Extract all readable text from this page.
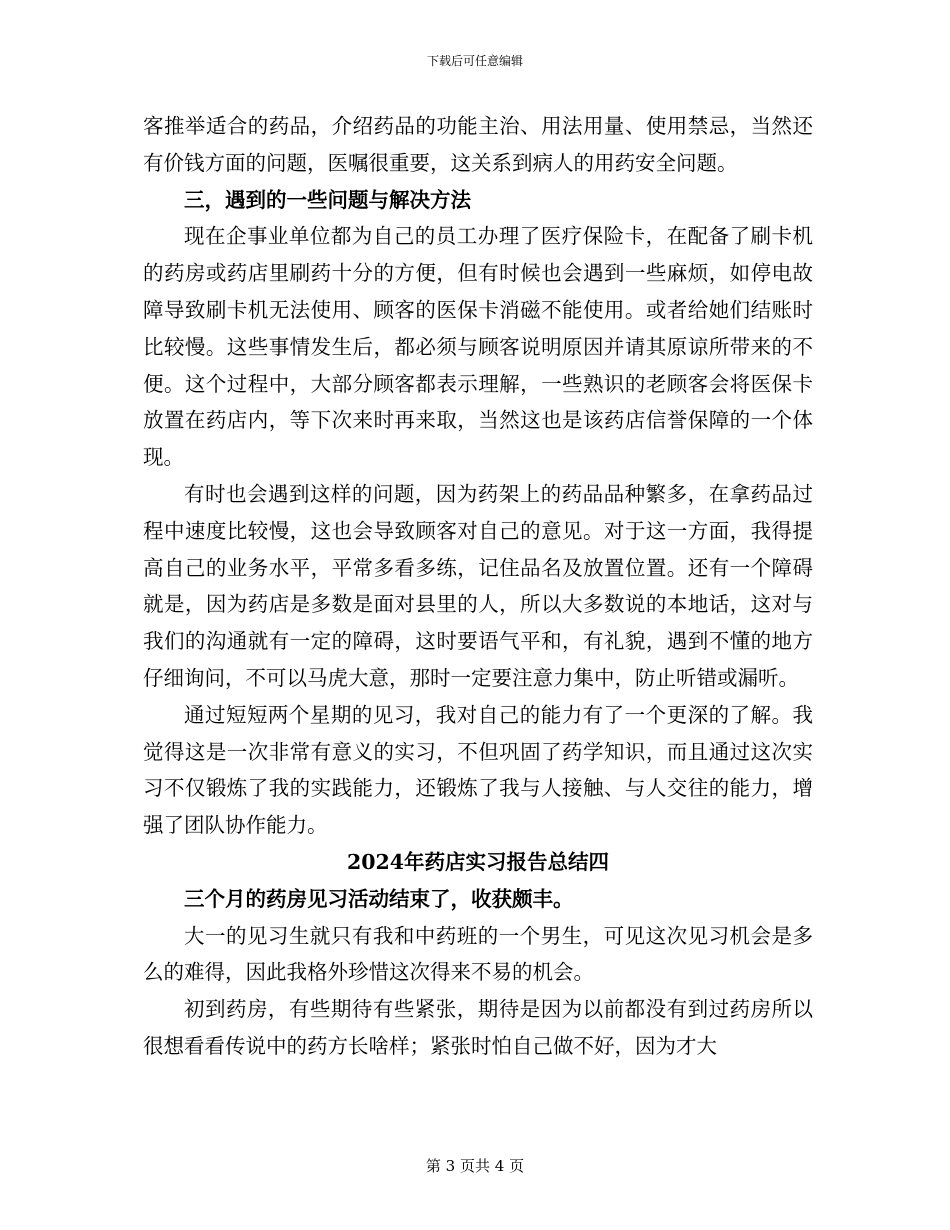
下载后可任意编辑

客推举适合的药品，介绍药品的功能主治、用法用量、使用禁忌，当然还有价钱方面的问题，医嘱很重要，这关系到病人的用药安全问题。

三，遇到的一些问题与解决方法

现在企事业单位都为自己的员工办理了医疗保险卡，在配备了刷卡机的药房或药店里刷药十分的方便，但有时候也会遇到一些麻烦，如停电故障导致刷卡机无法使用、顾客的医保卡消磁不能使用。或者给她们结账时比较慢。这些事情发生后，都必须与顾客说明原因并请其原谅所带来的不便。这个过程中，大部分顾客都表示理解，一些熟识的老顾客会将医保卡放置在药店内，等下次来时再来取，当然这也是该药店信誉保障的一个体现。

有时也会遇到这样的问题，因为药架上的药品品种繁多，在拿药品过程中速度比较慢，这也会导致顾客对自己的意见。对于这一方面，我得提高自己的业务水平，平常多看多练，记住品名及放置位置。还有一个障碍就是，因为药店是多数是面对县里的人，所以大多数说的本地话，这对与我们的沟通就有一定的障碍，这时要语气平和，有礼貌，遇到不懂的地方仔细询问，不可以马虎大意，那时一定要注意力集中，防止听错或漏听。

通过短短两个星期的见习，我对自己的能力有了一个更深的了解。我觉得这是一次非常有意义的实习，不但巩固了药学知识，而且通过这次实习不仅锻炼了我的实践能力，还锻炼了我与人接触、与人交往的能力，增强了团队协作能力。

2024年药店实习报告总结四

三个月的药房见习活动结束了，收获颇丰。

大一的见习生就只有我和中药班的一个男生，可见这次见习机会是多么的难得，因此我格外珍惜这次得来不易的机会。

初到药房，有些期待有些紧张，期待是因为以前都没有到过药房所以很想看看传说中的药方长啥样；紧张时怕自己做不好，因为才大

第 3 页共 4 页
